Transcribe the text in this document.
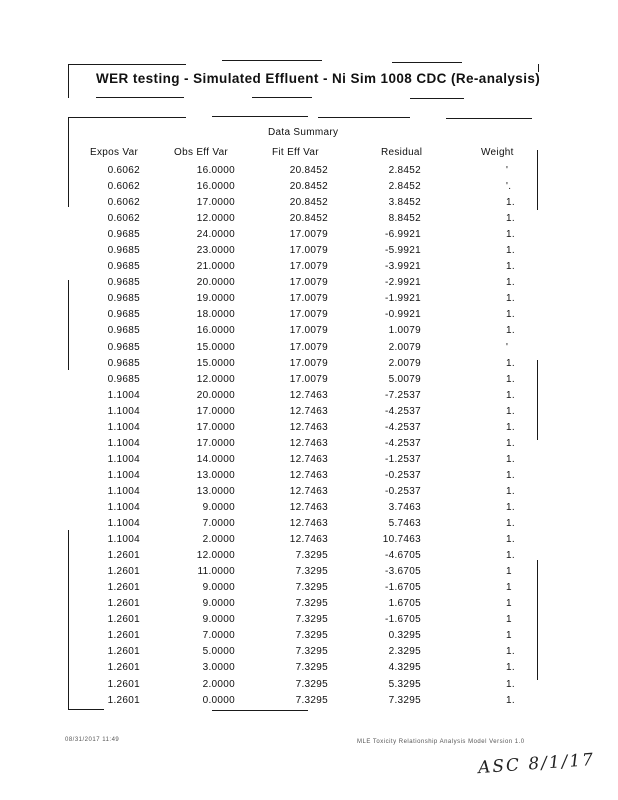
WER testing - Simulated Effluent - Ni Sim 1008 CDC (Re-analysis)
Data Summary
Expos Var	Obs Eff Var	Fit Eff Var	Residual	Weight
0.6062	16.0000	20.8452	2.8452	'
0.6062	16.0000	20.8452	2.8452	'.
0.6062	17.0000	20.8452	3.8452	1.
0.6062	12.0000	20.8452	8.8452	1.
0.9685	24.0000	17.0079	-6.9921	1.
0.9685	23.0000	17.0079	-5.9921	1.
0.9685	21.0000	17.0079	-3.9921	1.
0.9685	20.0000	17.0079	-2.9921	1.
0.9685	19.0000	17.0079	-1.9921	1.
0.9685	18.0000	17.0079	-0.9921	1.
0.9685	16.0000	17.0079	1.0079	1.
0.9685	15.0000	17.0079	2.0079	'
0.9685	15.0000	17.0079	2.0079	1.
0.9685	12.0000	17.0079	5.0079	1.
1.1004	20.0000	12.7463	-7.2537	1.
1.1004	17.0000	12.7463	-4.2537	1.
1.1004	17.0000	12.7463	-4.2537	1.
1.1004	17.0000	12.7463	-4.2537	1.
1.1004	14.0000	12.7463	-1.2537	1.
1.1004	13.0000	12.7463	-0.2537	1.
1.1004	13.0000	12.7463	-0.2537	1.
1.1004	9.0000	12.7463	3.7463	1.
1.1004	7.0000	12.7463	5.7463	1.
1.1004	2.0000	12.7463	10.7463	1.
1.2601	12.0000	7.3295	-4.6705	1.
1.2601	11.0000	7.3295	-3.6705	1
1.2601	9.0000	7.3295	-1.6705	1
1.2601	9.0000	7.3295	1.6705	1
1.2601	9.0000	7.3295	-1.6705	1
1.2601	7.0000	7.3295	0.3295	1
1.2601	5.0000	7.3295	2.3295	1.
1.2601	3.0000	7.3295	4.3295	1.
1.2601	2.0000	7.3295	5.3295	1.
1.2601	0.0000	7.3295	7.3295	1.
08/31/2017 11:49	MLE Toxicity Relationship Analysis Model Version 1.0
ASC 8/1/17
